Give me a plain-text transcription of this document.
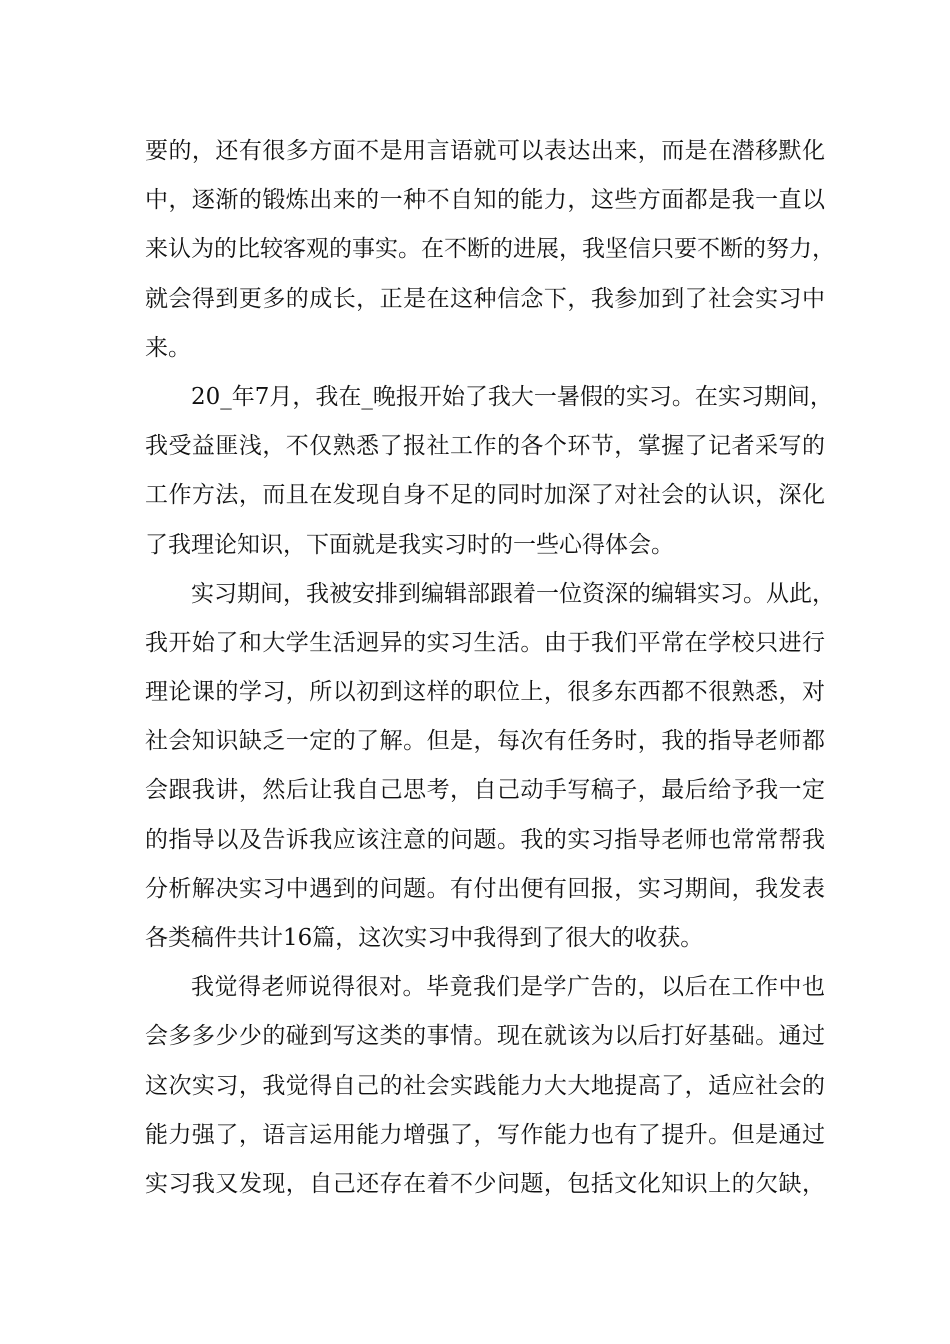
要的，还有很多方面不是用言语就可以表达出来，而是在潜移默化
中，逐渐的锻炼出来的一种不自知的能力，这些方面都是我一直以
来认为的比较客观的事实。在不断的进展，我坚信只要不断的努力，
就会得到更多的成长，正是在这种信念下，我参加到了社会实习中
来。
20_年7月，我在_晚报开始了我大一暑假的实习。在实习期间，
我受益匪浅，不仅熟悉了报社工作的各个环节，掌握了记者采写的
工作方法，而且在发现自身不足的同时加深了对社会的认识，深化
了我理论知识，下面就是我实习时的一些心得体会。
实习期间，我被安排到编辑部跟着一位资深的编辑实习。从此，
我开始了和大学生活迥异的实习生活。由于我们平常在学校只进行
理论课的学习，所以初到这样的职位上，很多东西都不很熟悉，对
社会知识缺乏一定的了解。但是，每次有任务时，我的指导老师都
会跟我讲，然后让我自己思考，自己动手写稿子，最后给予我一定
的指导以及告诉我应该注意的问题。我的实习指导老师也常常帮我
分析解决实习中遇到的问题。有付出便有回报，实习期间，我发表
各类稿件共计16篇，这次实习中我得到了很大的收获。
我觉得老师说得很对。毕竟我们是学广告的，以后在工作中也
会多多少少的碰到写这类的事情。现在就该为以后打好基础。通过
这次实习，我觉得自己的社会实践能力大大地提高了，适应社会的
能力强了，语言运用能力增强了，写作能力也有了提升。但是通过
实习我又发现，自己还存在着不少问题，包括文化知识上的欠缺，
